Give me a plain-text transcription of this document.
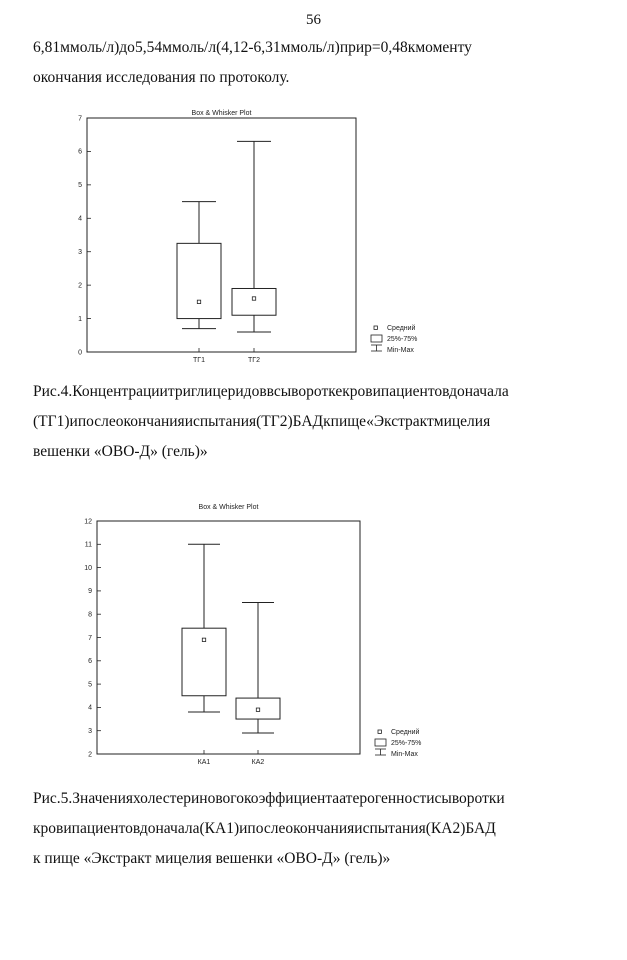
56
6,81ммоль/л)до5,54ммоль/л(4,12-6,31ммоль/л)прир=0,48кмоменту
окончания исследования по протоколу.
Box & Whisker Plot
0
1
2
3
4
5
6
7
ТГ1	ТГ2
Средний
25%-75%
Min-Max
Рис.4.Концентрациитриглицеридоввсывороткекровипациентовдоначала
(ТГ1)ипослеокончанияиспытания(ТГ2)БАДкпище«Экстрактмицелия
вешенки «ОВО-Д» (гель)»
Box & Whisker Plot
2
3
4
5
6
7
8
9
10
11
12
КА1	КА2
Средний
25%-75%
Min-Max
Рис.5.Значенияхолестериновогокоэффициентаатерогенностисыворотки
кровипациентовдоначала(КА1)ипослеокончанияиспытания(КА2)БАД
к пище «Экстракт мицелия вешенки «ОВО-Д» (гель)»
